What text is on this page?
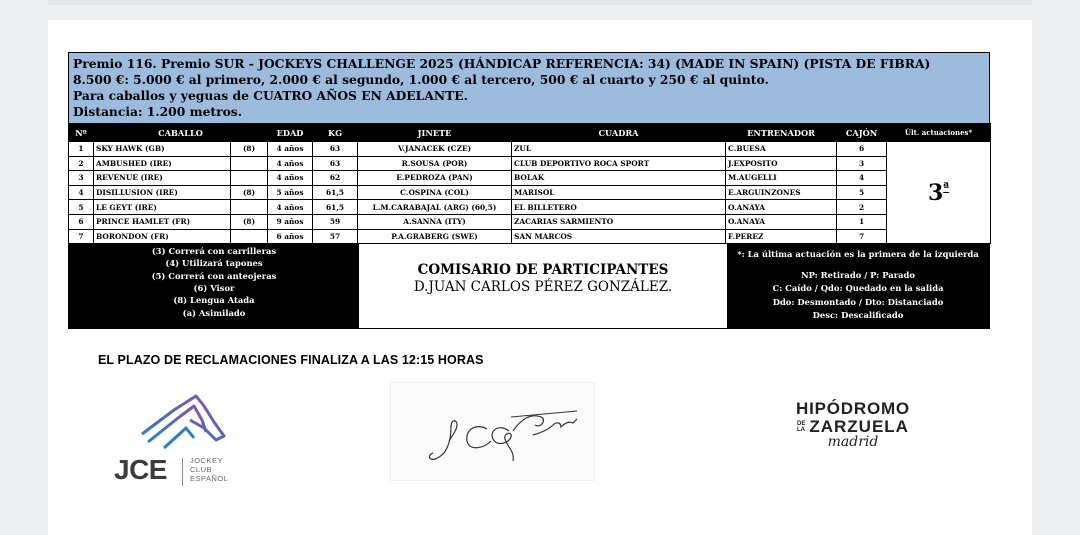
Premio 116. Premio SUR - JOCKEYS CHALLENGE 2025 (HÁNDICAP REFERENCIA: 34) (MADE IN SPAIN) (PISTA DE FIBRA)
8.500 €: 5.000 € al primero, 2.000 € al segundo, 1.000 € al tercero, 500 € al cuarto y 250 € al quinto.
Para caballos y yeguas de CUATRO AÑOS EN ADELANTE.
Distancia: 1.200 metros.
Nº	CABALLO		EDAD	KG	JINETE	CUADRA	ENTRENADOR	CAJÓN	Últ. actuaciones*
1	SKY HAWK (GB)	(8)	4 años	63	V.JANACEK (CZE)	ZUL	C.BUESA	6	$3^ª$
2	AMBUSHED (IRE)		4 años	63	R.SOUSA (POR)	CLUB DEPORTIVO ROCA SPORT	J.EXPOSITO	3	
3	REVENUE (IRE)		4 años	62	E.PEDROZA (PAN)	BOLAK	M.AUGELLI	4	
4	DISILLUSION (IRE)	(8)	5 años	61,5	C.OSPINA (COL)	MARISOL	E.ARGUINZONES	5	
5	LE GEYT (IRE)		4 años	61,5	L.M.CARABAJAL (ARG) (60,5)	EL BILLETERO	O.ANAYA	2	
6	PRINCE HAMLET (FR)	(8)	9 años	59	A.SANNA (ITY)	ZACARIAS SARMIENTO	O.ANAYA	1	
7	BORONDON (FR)		6 años	57	P.A.GRABERG (SWE)	SAN MARCOS	F.PEREZ	7	
(3) Correrá con carrilleras
(4) Utilizará tapones
(5) Correrá con anteojeras
(6) Visor
(8) Lengua Atada
(a) Asimilado
COMISARIO DE PARTICIPANTES
D.JUAN CARLOS PÉREZ GONZÁLEZ.
*: La última actuación es la primera de la izquierda
NP: Retirado / P: Parado
C: Caído / Qdo: Quedado en la salida
Ddo: Desmontado / Dto: Distanciado
Desc: Descalificado
EL PLAZO DE RECLAMACIONES FINALIZA A LAS 12:15 HORAS
JCE	JOCKEY
CLUB
ESPAÑOL
HIPÓDROMO
DE
LA ZARZUELA
madrid
